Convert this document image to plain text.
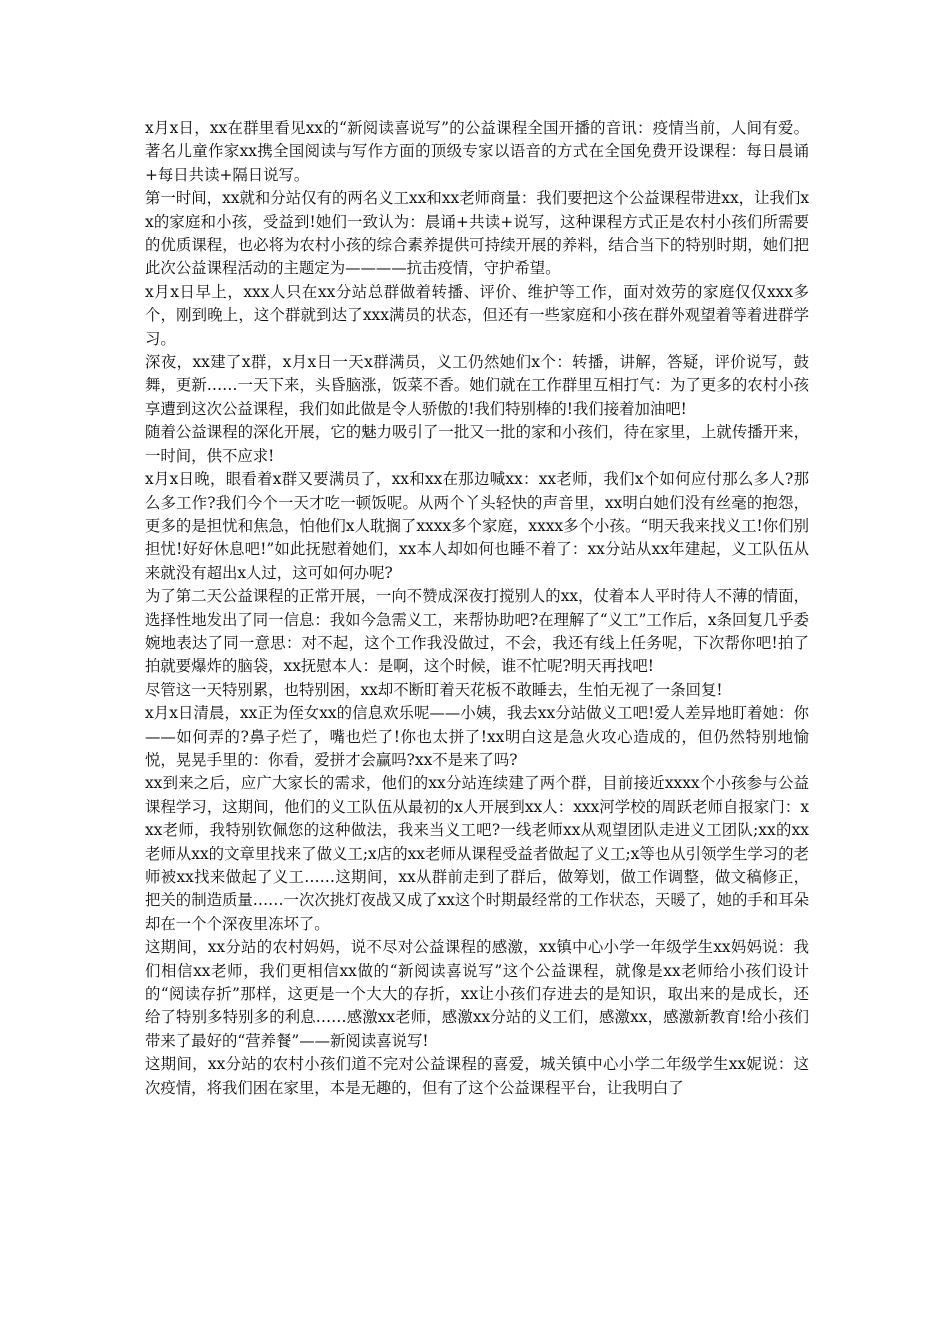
x月x日，xx在群里看见xx的“新阅读喜说写”的公益课程全国开播的音讯：疫情当前，人间有爱。著名儿童作家xx携全国阅读与写作方面的顶级专家以语音的方式在全国免费开设课程：每日晨诵+每日共读+隔日说写。

第一时间，xx就和分站仅有的两名义工xx和xx老师商量：我们要把这个公益课程带进xx，让我们xx的家庭和小孩，受益到!她们一致认为：晨诵+共读+说写，这种课程方式正是农村小孩们所需要的优质课程，也必将为农村小孩的综合素养提供可持续开展的养料，结合当下的特别时期，她们把此次公益课程活动的主题定为————抗击疫情，守护希望。

x月x日早上，xxx人只在xx分站总群做着转播、评价、维护等工作，面对效劳的家庭仅仅xxx多个，刚到晚上，这个群就到达了xxx满员的状态，但还有一些家庭和小孩在群外观望着等着进群学习。

深夜，xx建了x群，x月x日一天x群满员，义工仍然她们x个：转播，讲解，答疑，评价说写，鼓舞，更新……一天下来，头昏脑涨，饭菜不香。她们就在工作群里互相打气：为了更多的农村小孩享遭到这次公益课程，我们如此做是令人骄傲的!我们特别棒的!我们接着加油吧!

随着公益课程的深化开展，它的魅力吸引了一批又一批的家和小孩们，待在家里，上就传播开来，一时间，供不应求!

x月x日晚，眼看着x群又要满员了，xx和xx在那边喊xx：xx老师，我们x个如何应付那么多人?那么多工作?我们今个一天才吃一顿饭呢。从两个丫头轻快的声音里，xx明白她们没有丝毫的抱怨，更多的是担忧和焦急，怕他们x人耽搁了xxxx多个家庭，xxxx多个小孩。“明天我来找义工!你们别担忧!好好休息吧!”如此抚慰着她们，xx本人却如何也睡不着了：xx分站从xx年建起，义工队伍从来就没有超出x人过，这可如何办呢?

为了第二天公益课程的正常开展，一向不赞成深夜打搅别人的xx，仗着本人平时待人不薄的情面，选择性地发出了同一信息：我如今急需义工，来帮协助吧?在理解了“义工”工作后，x条回复几乎委婉地表达了同一意思：对不起，这个工作我没做过，不会，我还有线上任务呢，下次帮你吧!拍了拍就要爆炸的脑袋，xx抚慰本人：是啊，这个时候，谁不忙呢?明天再找吧!

尽管这一天特别累，也特别困，xx却不断盯着天花板不敢睡去，生怕无视了一条回复!

x月x日清晨，xx正为侄女xx的信息欢乐呢——小姨，我去xx分站做义工吧!爱人差异地盯着她：你——如何弄的?鼻子烂了，嘴也烂了!你也太拼了!xx明白这是急火攻心造成的，但仍然特别地愉悦，晃晃手里的：你看，爱拼才会赢吗?xx不是来了吗?

xx到来之后，应广大家长的需求，他们的xx分站连续建了两个群，目前接近xxxx个小孩参与公益课程学习，这期间，他们的义工队伍从最初的x人开展到xx人：xxx河学校的周跃老师自报家门：xxx老师，我特别钦佩您的这种做法，我来当义工吧?一线老师xx从观望团队走进义工团队;xx的xx老师从xx的文章里找来了做义工;x店的xx老师从课程受益者做起了义工;x等也从引领学生学习的老师被xx找来做起了义工……这期间，xx从群前走到了群后，做筹划，做工作调整，做文稿修正，把关的制造质量……一次次挑灯夜战又成了xx这个时期最经常的工作状态，天暖了，她的手和耳朵却在一个个深夜里冻坏了。

这期间，xx分站的农村妈妈，说不尽对公益课程的感激，xx镇中心小学一年级学生xx妈妈说：我们相信xx老师，我们更相信xx做的“新阅读喜说写”这个公益课程，就像是xx老师给小孩们设计的“阅读存折”那样，这更是一个大大的存折，xx让小孩们存进去的是知识，取出来的是成长，还给了特别多特别多的利息……感激xx老师，感激xx分站的义工们，感激xx，感激新教育!给小孩们带来了最好的“营养餐”——新阅读喜说写!

这期间，xx分站的农村小孩们道不完对公益课程的喜爱，城关镇中心小学二年级学生xx妮说：这次疫情，将我们困在家里，本是无趣的，但有了这个公益课程平台，让我明白了
